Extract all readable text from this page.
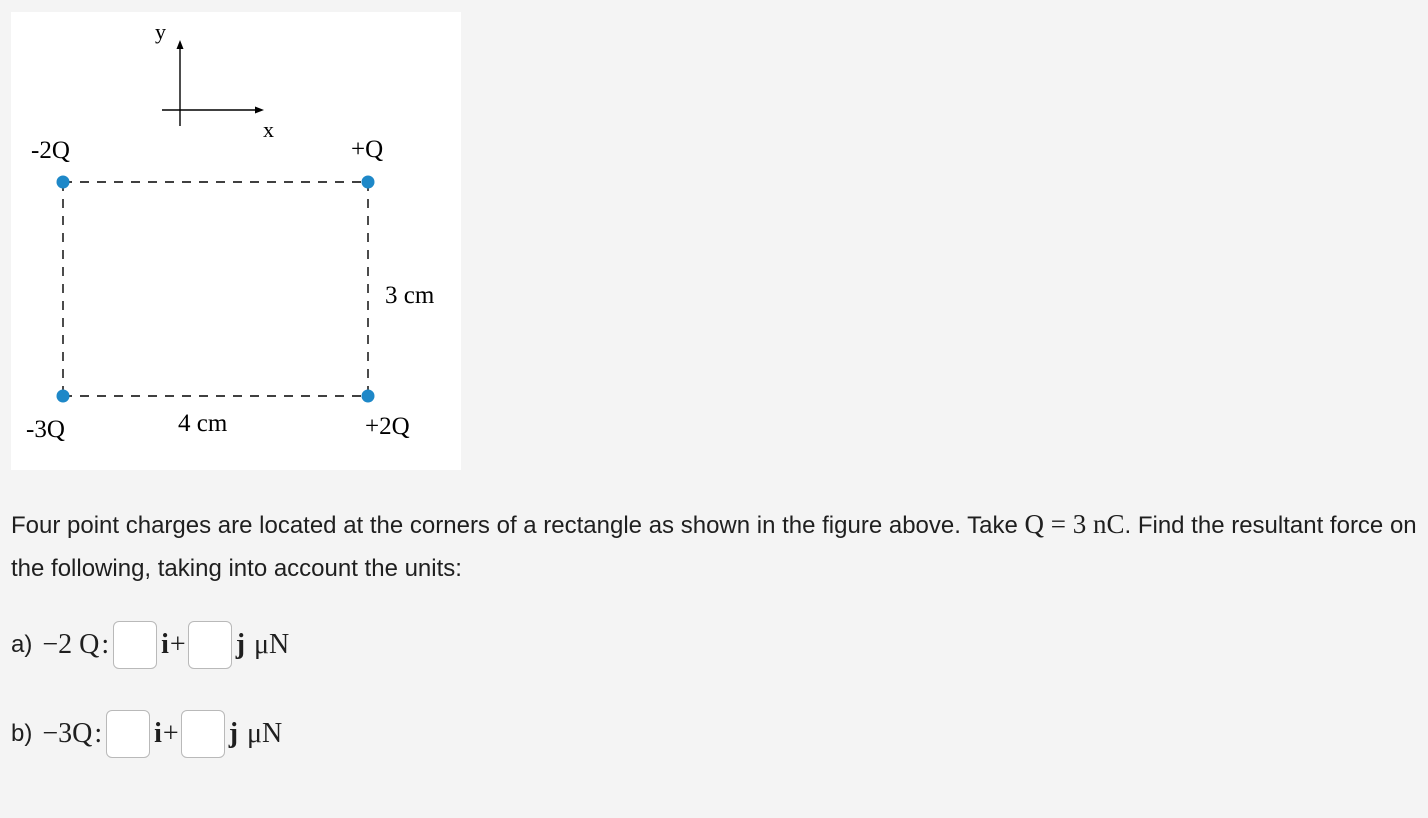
y
x
-2Q	+Q
-3Q	+2Q
4 cm
3 cm

Four point charges are located at the corners of a rectangle as shown in the figure above. Take Q = 3 nC. Find the resultant force on the following, taking into account the units:

a) −2 Q : i + j μN
b) −3Q : i + j μN
